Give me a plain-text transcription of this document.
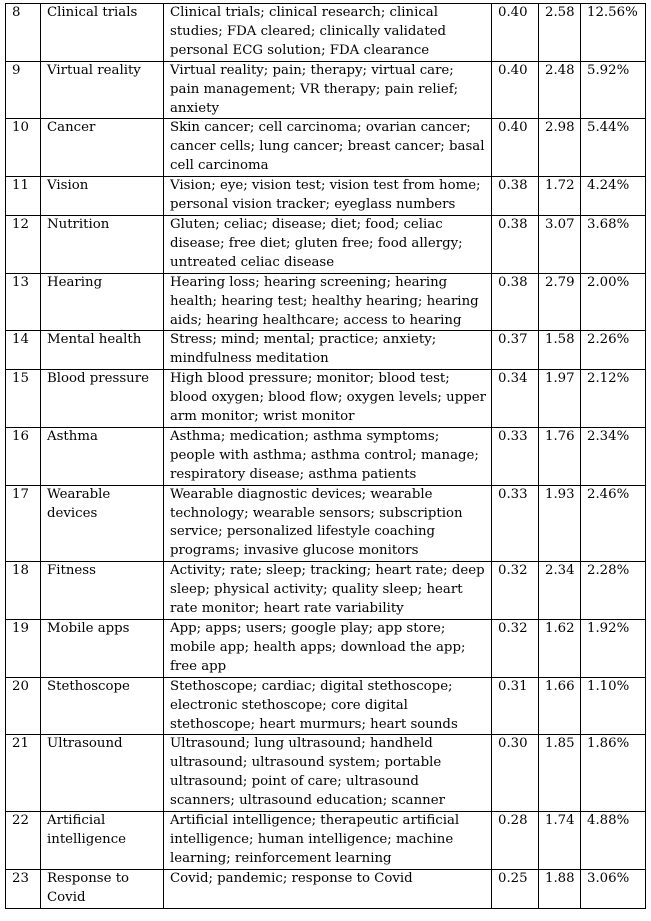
8	Clinical trials	Clinical trials; clinical research; clinical studies; FDA cleared; clinically validated personal ECG solution; FDA clearance	0.40	2.58	12.56%
9	Virtual reality	Virtual reality; pain; therapy; virtual care; pain management; VR therapy; pain relief; anxiety	0.40	2.48	5.92%
10	Cancer	Skin cancer; cell carcinoma; ovarian cancer; cancer cells; lung cancer; breast cancer; basal cell carcinoma	0.40	2.98	5.44%
11	Vision	Vision; eye; vision test; vision test from home; personal vision tracker; eyeglass numbers	0.38	1.72	4.24%
12	Nutrition	Gluten; celiac; disease; diet; food; celiac disease; free diet; gluten free; food allergy; untreated celiac disease	0.38	3.07	3.68%
13	Hearing	Hearing loss; hearing screening; hearing health; hearing test; healthy hearing; hearing aids; hearing healthcare; access to hearing	0.38	2.79	2.00%
14	Mental health	Stress; mind; mental; practice; anxiety; mindfulness meditation	0.37	1.58	2.26%
15	Blood pressure	High blood pressure; monitor; blood test; blood oxygen; blood flow; oxygen levels; upper arm monitor; wrist monitor	0.34	1.97	2.12%
16	Asthma	Asthma; medication; asthma symptoms; people with asthma; asthma control; manage; respiratory disease; asthma patients	0.33	1.76	2.34%
17	Wearable devices	Wearable diagnostic devices; wearable technology; wearable sensors; subscription service; personalized lifestyle coaching programs; invasive glucose monitors	0.33	1.93	2.46%
18	Fitness	Activity; rate; sleep; tracking; heart rate; deep sleep; physical activity; quality sleep; heart rate monitor; heart rate variability	0.32	2.34	2.28%
19	Mobile apps	App; apps; users; google play; app store; mobile app; health apps; download the app; free app	0.32	1.62	1.92%
20	Stethoscope	Stethoscope; cardiac; digital stethoscope; electronic stethoscope; core digital stethoscope; heart murmurs; heart sounds	0.31	1.66	1.10%
21	Ultrasound	Ultrasound; lung ultrasound; handheld ultrasound; ultrasound system; portable ultrasound; point of care; ultrasound scanners; ultrasound education; scanner	0.30	1.85	1.86%
22	Artificial intelligence	Artificial intelligence; therapeutic artificial intelligence; human intelligence; machine learning; reinforcement learning	0.28	1.74	4.88%
23	Response to Covid	Covid; pandemic; response to Covid	0.25	1.88	3.06%
